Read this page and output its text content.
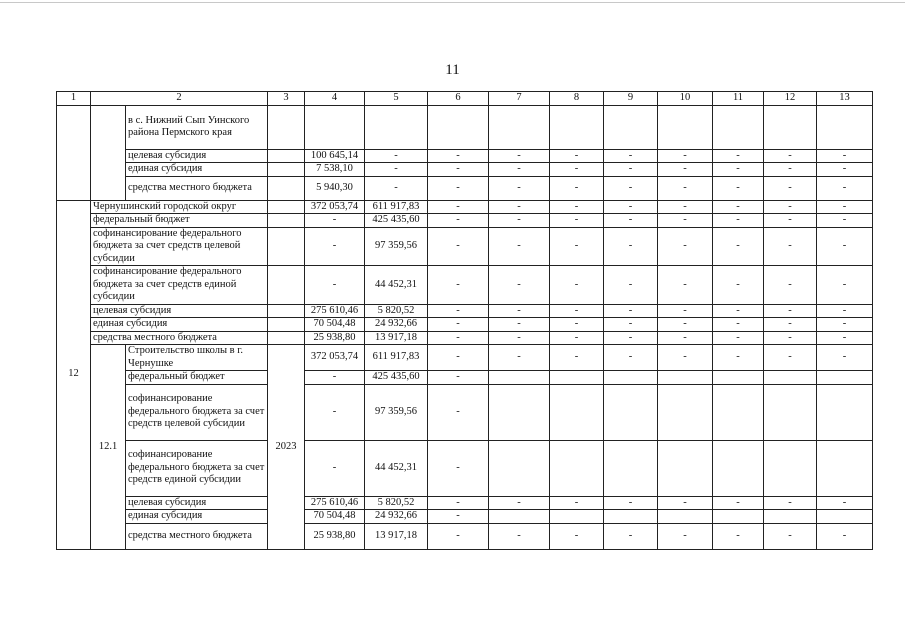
11
1	2		3	4	5	6	7	8	9	10	11	12	13
		в с. Нижний Сып Уинского района Пермского края											
		целевая субсидия		100 645,14	-	-	-	-	-	-	-	-	-
		единая субсидия		7 538,10	-	-	-	-	-	-	-	-	-
		средства местного бюджета		5 940,30	-	-	-	-	-	-	-	-	-
12	Чернушинский городской округ			372 053,74	611 917,83	-	-	-	-	-	-	-	-
	федеральный бюджет			-	425 435,60	-	-	-	-	-	-	-	-
	софинансирование федерального бюджета за счет средств целевой субсидии			-	97 359,56	-	-	-	-	-	-	-	-
	софинансирование федерального бюджета за счет средств единой субсидии			-	44 452,31	-	-	-	-	-	-	-	-
	целевая субсидия			275 610,46	5 820,52	-	-	-	-	-	-	-	-
	единая субсидия			70 504,48	24 932,66	-	-	-	-	-	-	-	-
	средства местного бюджета			25 938,80	13 917,18	-	-	-	-	-	-	-	-
	12.1	Строительство школы в г. Чернушке	2023	372 053,74	611 917,83	-	-	-	-	-	-	-	-
		федеральный бюджет		-	425 435,60	-							
		софинансирование федерального бюджета за счет средств целевой субсидии		-	97 359,56	-							
		софинансирование федерального бюджета за счет средств единой субсидии		-	44 452,31	-							
		целевая субсидия		275 610,46	5 820,52	-	-	-	-	-	-	-	-
		единая субсидия		70 504,48	24 932,66	-							
		средства местного бюджета		25 938,80	13 917,18	-	-	-	-	-	-	-	-
